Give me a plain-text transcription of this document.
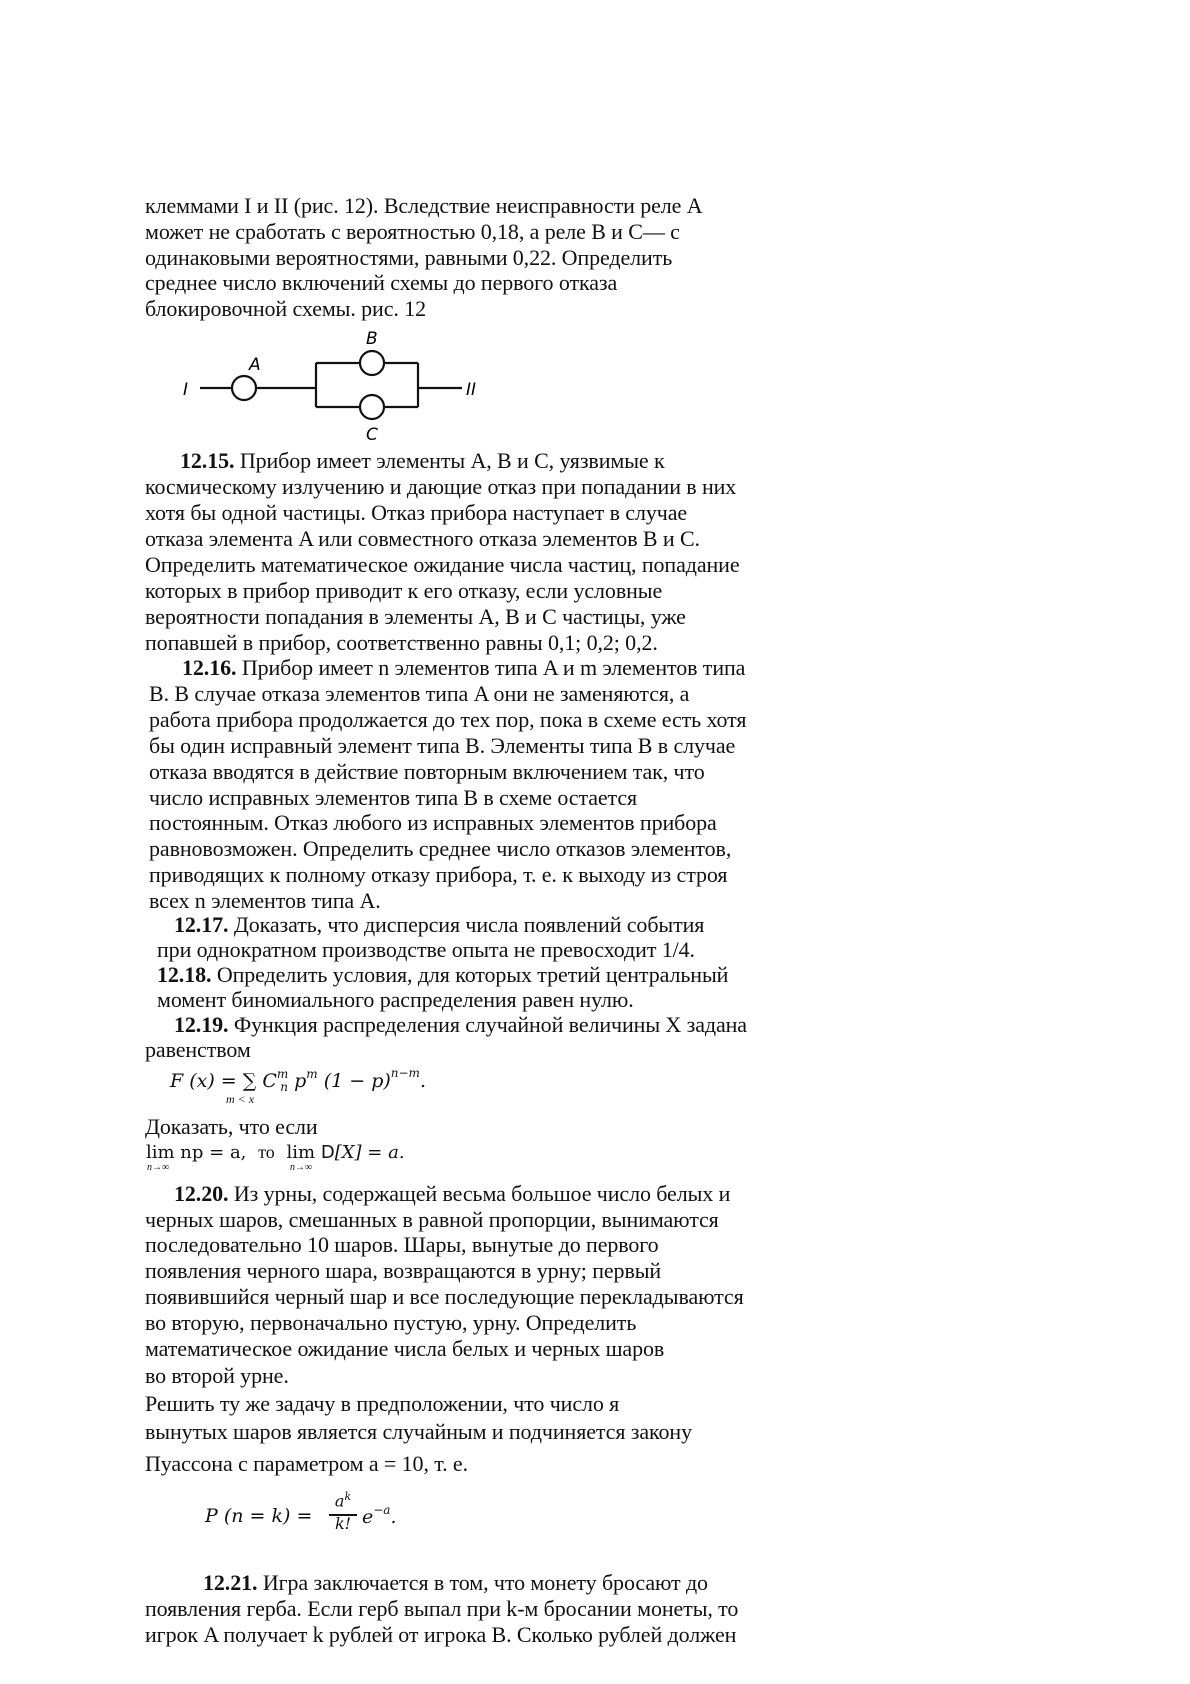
клеммами I и II (рис. 12). Вследствие неисправности реле A
может не сработать с вероятностью 0,18, а реле B и C— с
одинаковыми вероятностями, равными 0,22. Определить
среднее число включений схемы до первого отказа
блокировочной схемы. рис. 12
I	II
A
B
C
12.15. Прибор имеет элементы A, B и C, уязвимые к
космическому излучению и дающие отказ при попадании в них
хотя бы одной частицы. Отказ прибора наступает в случае
отказа элемента A или совместного отказа элементов B и C.
Определить математическое ожидание числа частиц, попадание
которых в прибор приводит к его отказу, если условные
вероятности попадания в элементы A, B и C частицы, уже
попавшей в прибор, соответственно равны 0,1; 0,2; 0,2.
12.16. Прибор имеет n элементов типа A и m элементов типа
B. В случае отказа элементов типа A они не заменяются, а
работа прибора продолжается до тех пор, пока в схеме есть хотя
бы один исправный элемент типа B. Элементы типа B в случае
отказа вводятся в действие повторным включением так, что
число исправных элементов типа B в схеме остается
постоянным. Отказ любого из исправных элементов прибора
равновозможен. Определить среднее число отказов элементов,
приводящих к полному отказу прибора, т. е. к выходу из строя
всех n элементов типа A.
12.17. Доказать, что дисперсия числа появлений события
при однократном производстве опыта не превосходит 1/4.
12.18. Определить условия, для которых третий центральный
момент биномиального распределения равен нулю.
12.19. Функция распределения случайной величины X задана
равенством
F (x) = ∑ $C^m_n$ $p^m$ $(1 - p)^{n-m}$.
m < x
Доказать, что если
lim np = a, то lim D[X] = a.
n→∞	n→∞
12.20. Из урны, содержащей весьма большое число белых и
черных шаров, смешанных в равной пропорции, вынимаются
последовательно 10 шаров. Шары, вынутые до первого
появления черного шара, возвращаются в урну; первый
появившийся черный шар и все последующие перекладываются
во вторую, первоначально пустую, урну. Определить
математическое ожидание числа белых и черных шаров
во второй урне.
Решить ту же задачу в предположении, что число я
вынутых шаров является случайным и подчиняется закону
Пуассона с параметром a = 10, т. е.
P (n = k) =
$a^k$
k! $e^{-a}$.
12.21. Игра заключается в том, что монету бросают до
появления герба. Если герб выпал при k-м бросании монеты, то
игрок A получает k рублей от игрока B. Сколько рублей должен
